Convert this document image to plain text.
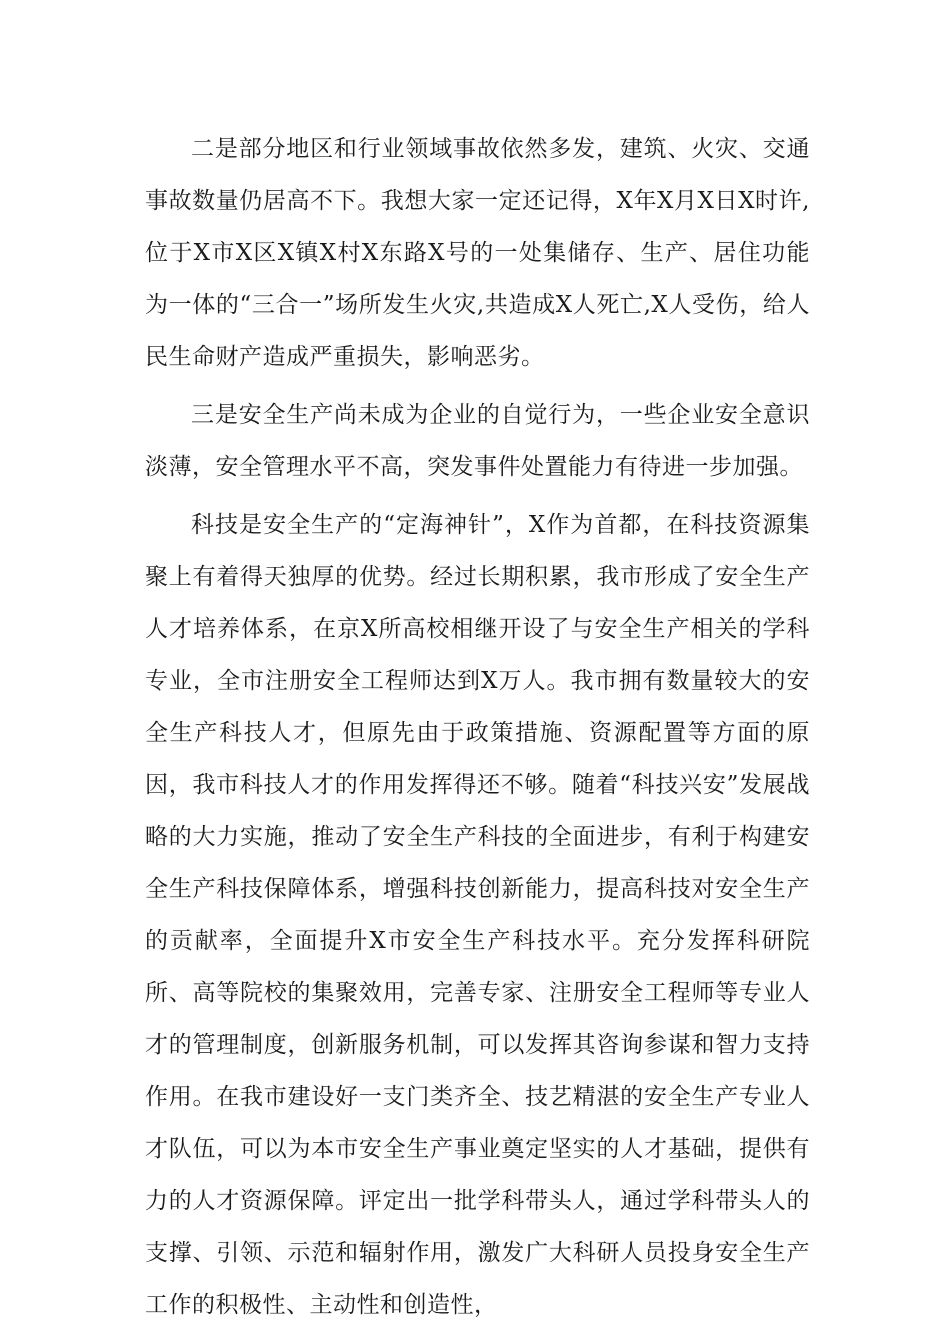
二是部分地区和行业领域事故依然多发，建筑、火灾、交通事故数量仍居高不下。我想大家一定还记得，X年X月X日X时许,位于X市X区X镇X村X东路X号的一处集储存、生产、居住功能为一体的“三合一”场所发生火灾,共造成X人死亡,X人受伤，给人民生命财产造成严重损失，影响恶劣。

三是安全生产尚未成为企业的自觉行为，一些企业安全意识淡薄，安全管理水平不高，突发事件处置能力有待进一步加强。

科技是安全生产的“定海神针”，X作为首都，在科技资源集聚上有着得天独厚的优势。经过长期积累，我市形成了安全生产人才培养体系，在京X所高校相继开设了与安全生产相关的学科专业，全市注册安全工程师达到X万人。我市拥有数量较大的安全生产科技人才，但原先由于政策措施、资源配置等方面的原因，我市科技人才的作用发挥得还不够。随着“科技兴安”发展战略的大力实施，推动了安全生产科技的全面进步，有利于构建安全生产科技保障体系，增强科技创新能力，提高科技对安全生产的贡献率，全面提升X市安全生产科技水平。充分发挥科研院所、高等院校的集聚效用，完善专家、注册安全工程师等专业人才的管理制度，创新服务机制，可以发挥其咨询参谋和智力支持作用。在我市建设好一支门类齐全、技艺精湛的安全生产专业人才队伍，可以为本市安全生产事业奠定坚实的人才基础，提供有力的人才资源保障。评定出一批学科带头人，通过学科带头人的支撑、引领、示范和辐射作用，激发广大科研人员投身安全生产工作的积极性、主动性和创造性，
